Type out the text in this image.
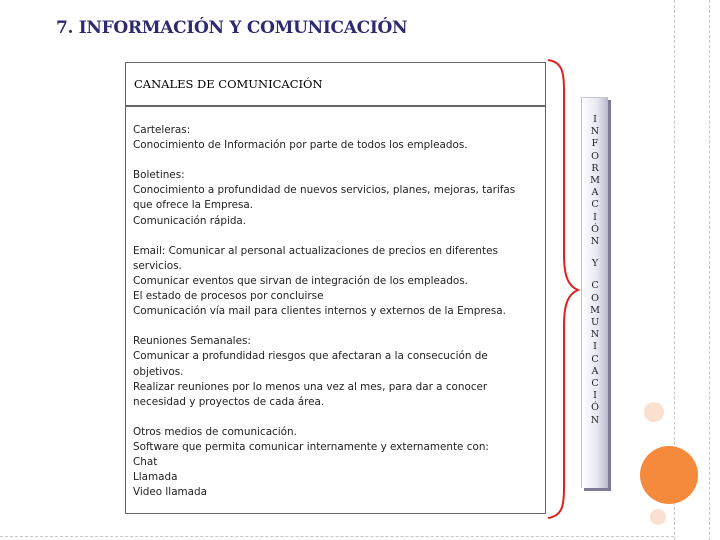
7. INFORMACIÓN Y COMUNICACIÓN
CANALES DE COMUNICACIÓN
Carteleras:
Conocimiento de Información por parte de todos los empleados.
Boletines:
Conocimiento a profundidad de nuevos servicios, planes, mejoras, tarifas
que ofrece la Empresa.
Comunicación rápida.
Email: Comunicar al personal actualizaciones de precios en diferentes
servicios.
Comunicar eventos que sirvan de integración de los empleados.
El estado de procesos por concluirse
Comunicación vía mail para clientes internos y externos de la Empresa.
Reuniones Semanales:
Comunicar a profundidad riesgos que afectaran a la consecución de
objetivos.
Realizar reuniones por lo menos una vez al mes, para dar a conocer
necesidad y proyectos de cada área.
Otros medios de comunicación.
Software que permita comunicar internamente y externamente con:
Chat
Llamada
Video llamada
I
N
F
O
R
M
A
C
I
Ó
N
Y
C
O
M
U
N
I
C
A
C
I
Ó
N
